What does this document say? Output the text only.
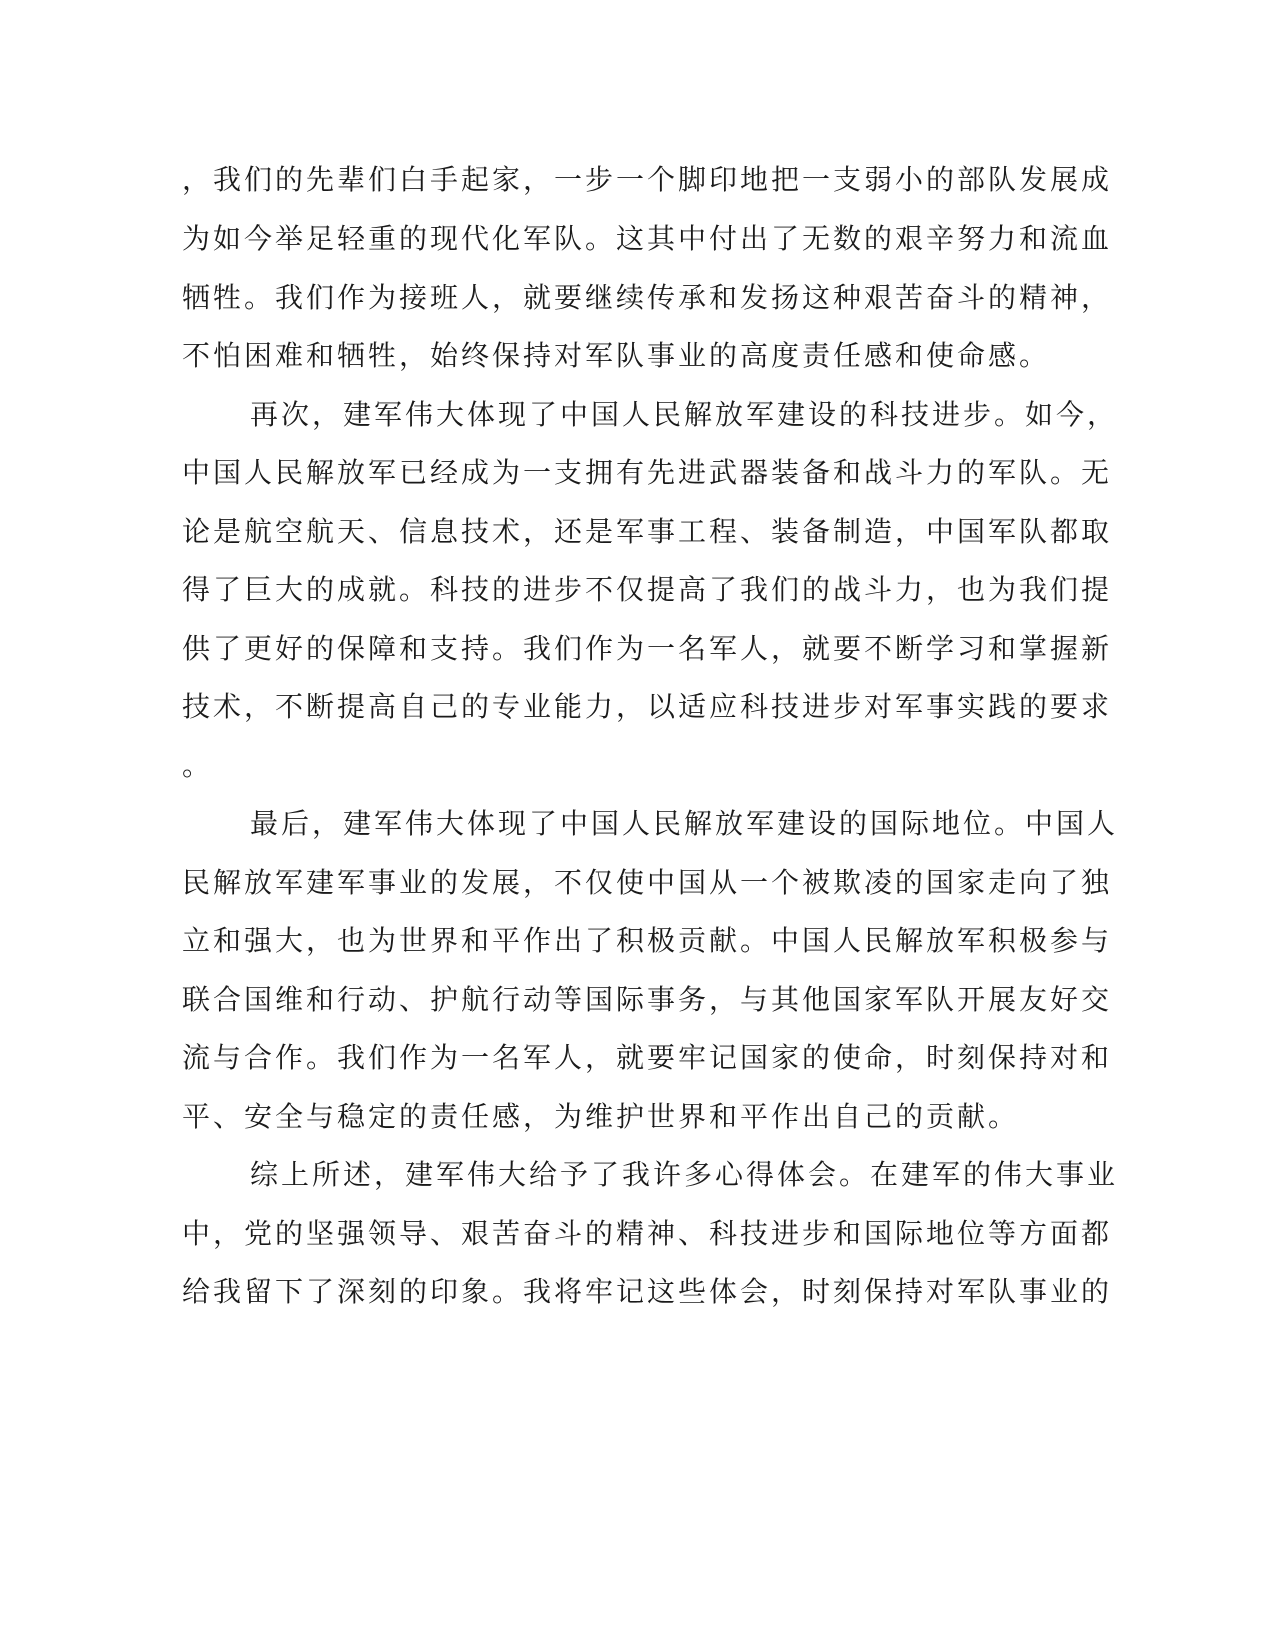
，我们的先辈们白手起家，一步一个脚印地把一支弱小的部队发展成

为如今举足轻重的现代化军队。这其中付出了无数的艰辛努力和流血

牺牲。我们作为接班人，就要继续传承和发扬这种艰苦奋斗的精神，

不怕困难和牺牲，始终保持对军队事业的高度责任感和使命感。

再次，建军伟大体现了中国人民解放军建设的科技进步。如今，

中国人民解放军已经成为一支拥有先进武器装备和战斗力的军队。无

论是航空航天、信息技术，还是军事工程、装备制造，中国军队都取

得了巨大的成就。科技的进步不仅提高了我们的战斗力，也为我们提

供了更好的保障和支持。我们作为一名军人，就要不断学习和掌握新

技术，不断提高自己的专业能力，以适应科技进步对军事实践的要求

。

最后，建军伟大体现了中国人民解放军建设的国际地位。中国人

民解放军建军事业的发展，不仅使中国从一个被欺凌的国家走向了独

立和强大，也为世界和平作出了积极贡献。中国人民解放军积极参与

联合国维和行动、护航行动等国际事务，与其他国家军队开展友好交

流与合作。我们作为一名军人，就要牢记国家的使命，时刻保持对和

平、安全与稳定的责任感，为维护世界和平作出自己的贡献。

综上所述，建军伟大给予了我许多心得体会。在建军的伟大事业

中，党的坚强领导、艰苦奋斗的精神、科技进步和国际地位等方面都

给我留下了深刻的印象。我将牢记这些体会，时刻保持对军队事业的
